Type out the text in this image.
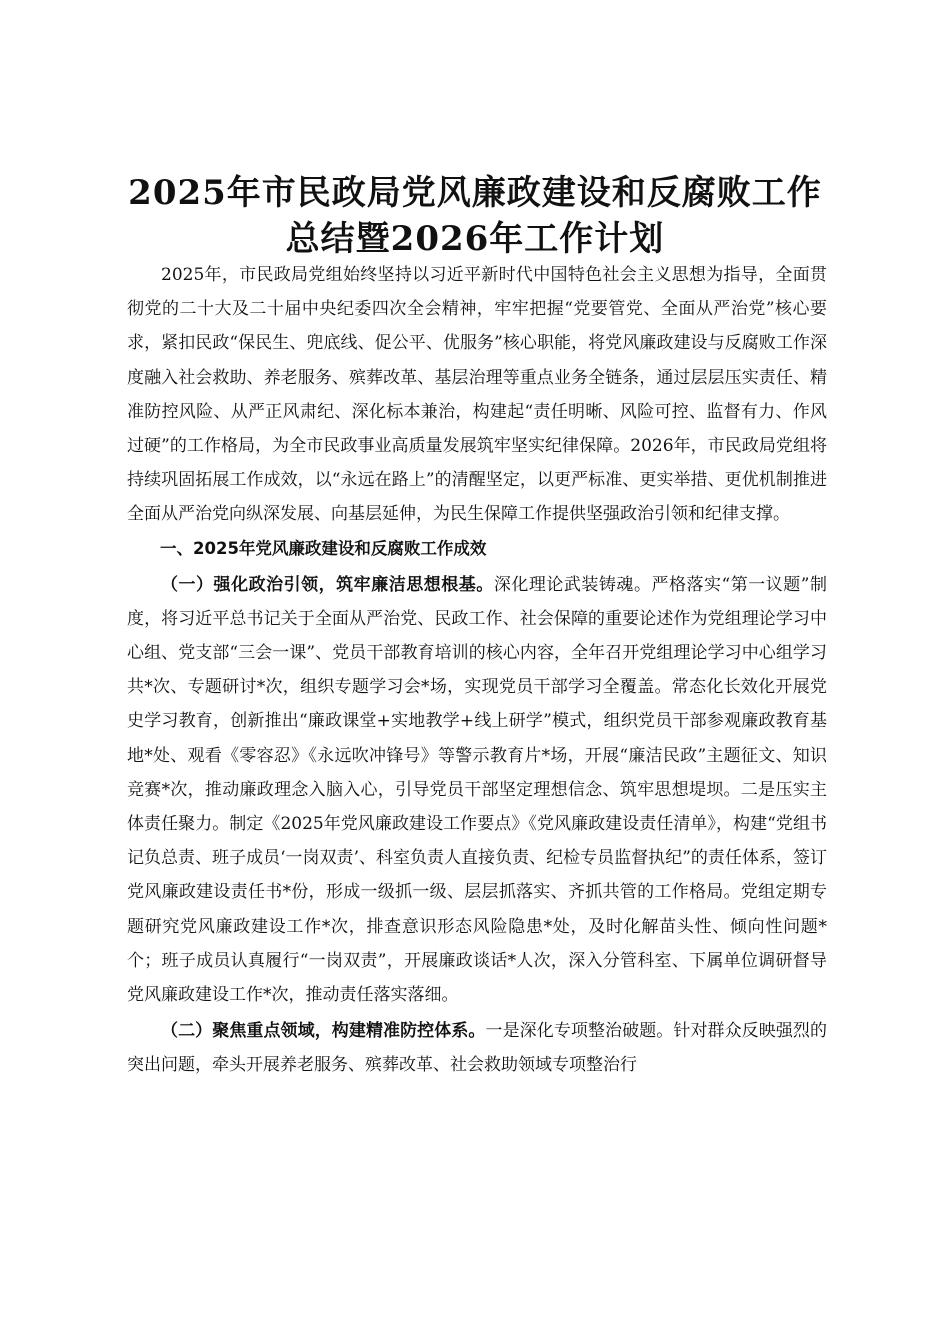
2025年市民政局党风廉政建设和反腐败工作
总结暨2026年工作计划

2025年，市民政局党组始终坚持以习近平新时代中国特色社会主义思想为指导，全面贯彻党的二十大及二十届中央纪委四次全会精神，牢牢把握“党要管党、全面从严治党”核心要求，紧扣民政“保民生、兜底线、促公平、优服务”核心职能，将党风廉政建设与反腐败工作深度融入社会救助、养老服务、殡葬改革、基层治理等重点业务全链条，通过层层压实责任、精准防控风险、从严正风肃纪、深化标本兼治，构建起“责任明晰、风险可控、监督有力、作风过硬”的工作格局，为全市民政事业高质量发展筑牢坚实纪律保障。2026年，市民政局党组将持续巩固拓展工作成效，以“永远在路上”的清醒坚定，以更严标准、更实举措、更优机制推进全面从严治党向纵深发展、向基层延伸，为民生保障工作提供坚强政治引领和纪律支撑。

一、2025年党风廉政建设和反腐败工作成效

（一）强化政治引领，筑牢廉洁思想根基。深化理论武装铸魂。严格落实“第一议题”制度，将习近平总书记关于全面从严治党、民政工作、社会保障的重要论述作为党组理论学习中心组、党支部“三会一课”、党员干部教育培训的核心内容，全年召开党组理论学习中心组学习共*次、专题研讨*次，组织专题学习会*场，实现党员干部学习全覆盖。常态化长效化开展党史学习教育，创新推出“廉政课堂+实地教学+线上研学”模式，组织党员干部参观廉政教育基地*处、观看《零容忍》《永远吹冲锋号》等警示教育片*场，开展“廉洁民政”主题征文、知识竞赛*次，推动廉政理念入脑入心，引导党员干部坚定理想信念、筑牢思想堤坝。二是压实主体责任聚力。制定《2025年党风廉政建设工作要点》《党风廉政建设责任清单》，构建“党组书记负总责、班子成员‘一岗双责’、科室负责人直接负责、纪检专员监督执纪”的责任体系，签订党风廉政建设责任书*份，形成一级抓一级、层层抓落实、齐抓共管的工作格局。党组定期专题研究党风廉政建设工作*次，排查意识形态风险隐患*处，及时化解苗头性、倾向性问题*个；班子成员认真履行“一岗双责”，开展廉政谈话*人次，深入分管科室、下属单位调研督导党风廉政建设工作*次，推动责任落实落细。

（二）聚焦重点领域，构建精准防控体系。一是深化专项整治破题。针对群众反映强烈的突出问题，牵头开展养老服务、殡葬改革、社会救助领域专项整治行
